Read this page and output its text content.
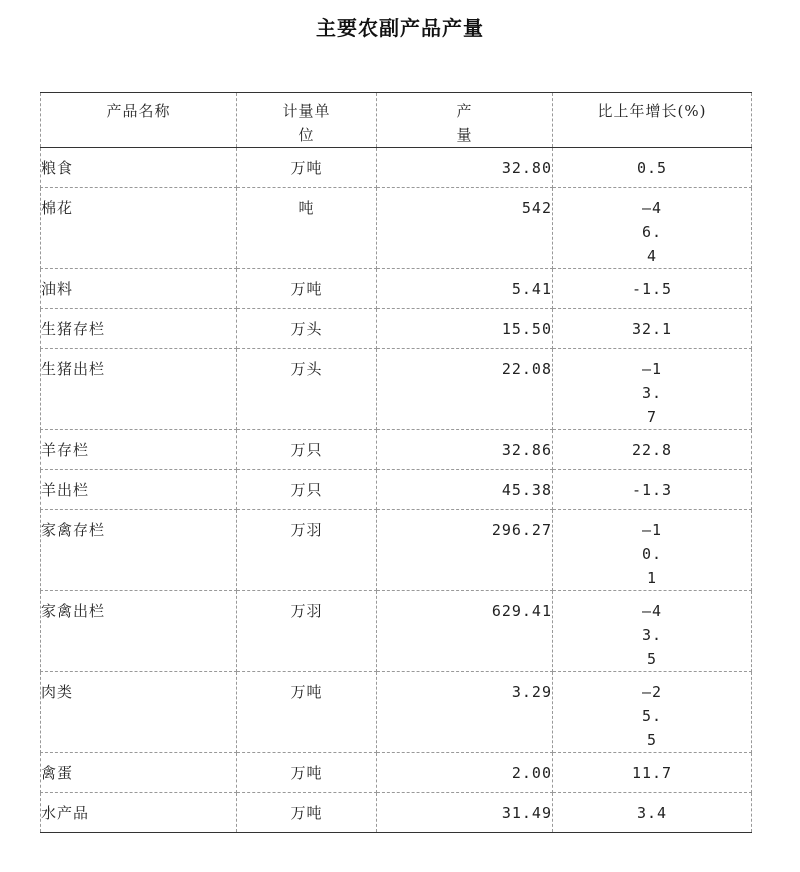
主要农副产品产量
产品名称	计量单位	产量	比上年增长(%)
粮食	万吨	32.80	0.5
棉花	吨	542	–46.4
油料	万吨	5.41	-1.5
生猪存栏	万头	15.50	32.1
生猪出栏	万头	22.08	–13.7
羊存栏	万只	32.86	22.8
羊出栏	万只	45.38	-1.3
家禽存栏	万羽	296.27	–10.1
家禽出栏	万羽	629.41	–43.5
肉类	万吨	3.29	–25.5
禽蛋	万吨	2.00	11.7
水产品	万吨	31.49	3.4
